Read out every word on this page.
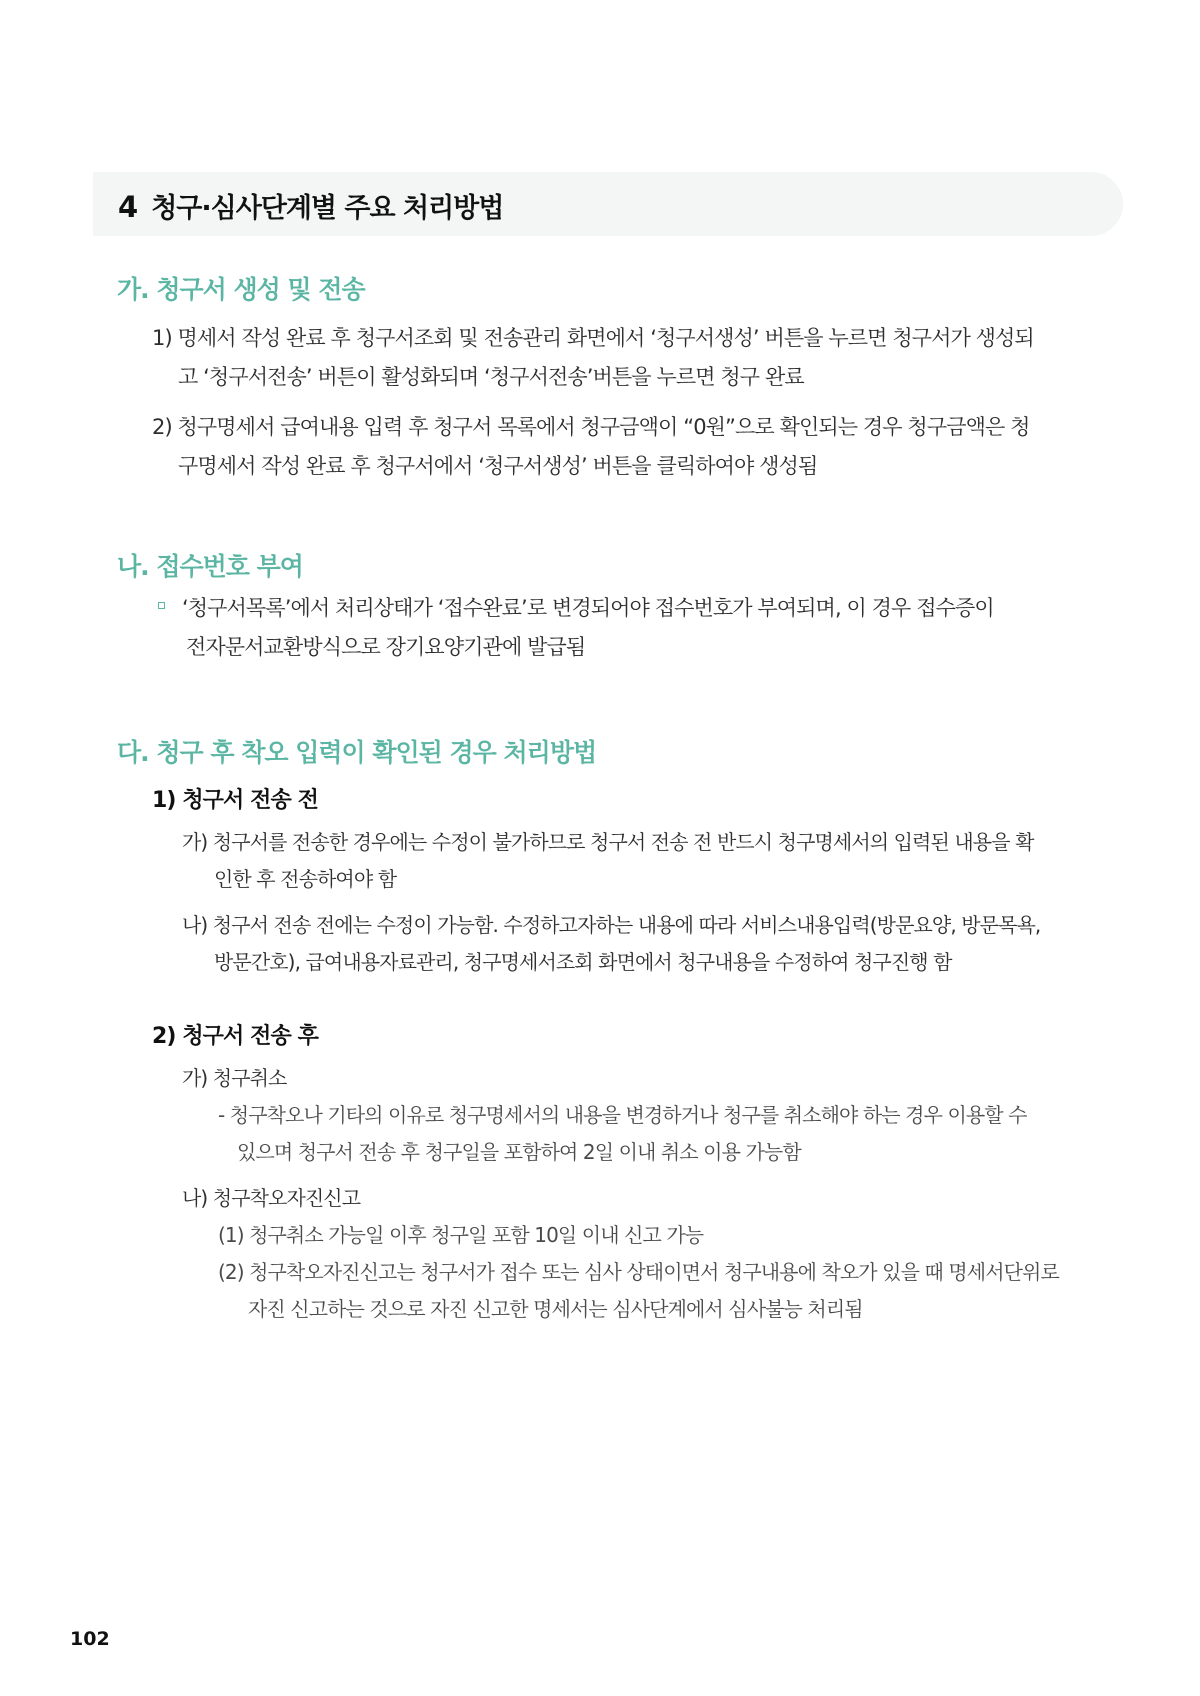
4 청구·심사단계별 주요 처리방법
가. 청구서 생성 및 전송
1) 명세서 작성 완료 후 청구서조회 및 전송관리 화면에서 ‘청구서생성’ 버튼을 누르면 청구서가 생성되
고 ‘청구서전송’ 버튼이 활성화되며 ‘청구서전송’버튼을 누르면 청구 완료
2) 청구명세서 급여내용 입력 후 청구서 목록에서 청구금액이 “0원”으로 확인되는 경우 청구금액은 청
구명세서 작성 완료 후 청구서에서 ‘청구서생성’ 버튼을 클릭하여야 생성됨
나. 접수번호 부여
‘청구서목록’에서 처리상태가 ‘접수완료’로 변경되어야 접수번호가 부여되며, 이 경우 접수증이
전자문서교환방식으로 장기요양기관에 발급됨
다. 청구 후 착오 입력이 확인된 경우 처리방법
1) 청구서 전송 전
가) 청구서를 전송한 경우에는 수정이 불가하므로 청구서 전송 전 반드시 청구명세서의 입력된 내용을 확
인한 후 전송하여야 함
나) 청구서 전송 전에는 수정이 가능함. 수정하고자하는 내용에 따라 서비스내용입력(방문요양, 방문목욕,
방문간호), 급여내용자료관리, 청구명세서조회 화면에서 청구내용을 수정하여 청구진행 함
2) 청구서 전송 후
가) 청구취소
- 청구착오나 기타의 이유로 청구명세서의 내용을 변경하거나 청구를 취소해야 하는 경우 이용할 수
있으며 청구서 전송 후 청구일을 포함하여 2일 이내 취소 이용 가능함
나) 청구착오자진신고
(1) 청구취소 가능일 이후 청구일 포함 10일 이내 신고 가능
(2) 청구착오자진신고는 청구서가 접수 또는 심사 상태이면서 청구내용에 착오가 있을 때 명세서단위로
자진 신고하는 것으로 자진 신고한 명세서는 심사단계에서 심사불능 처리됨
102
